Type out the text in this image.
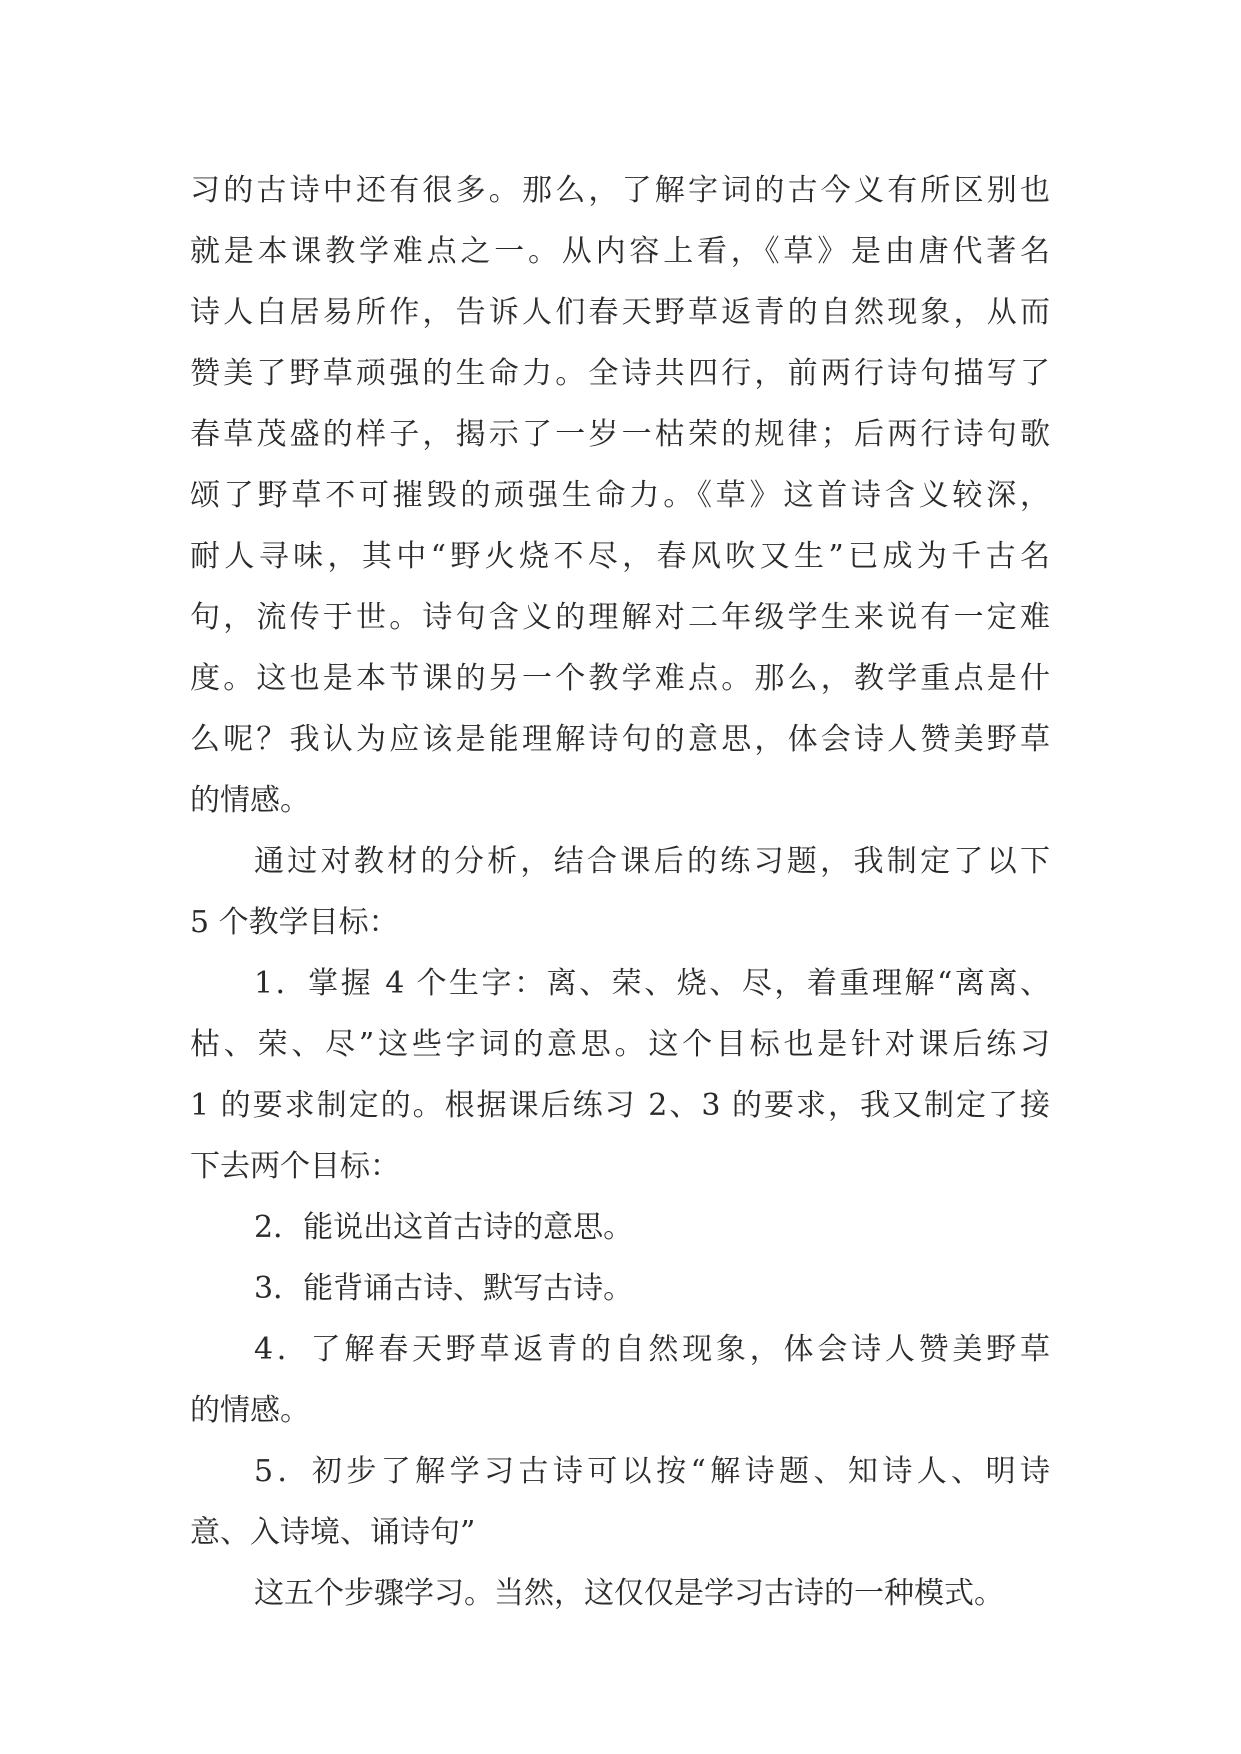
习的古诗中还有很多。那么，了解字词的古今义有所区别也
就是本课教学难点之一。从内容上看，《草》是由唐代著名
诗人白居易所作，告诉人们春天野草返青的自然现象，从而
赞美了野草顽强的生命力。全诗共四行，前两行诗句描写了
春草茂盛的样子，揭示了一岁一枯荣的规律；后两行诗句歌
颂了野草不可摧毁的顽强生命力。《草》这首诗含义较深，
耐人寻味，其中“野火烧不尽，春风吹又生”已成为千古名
句，流传于世。诗句含义的理解对二年级学生来说有一定难
度。这也是本节课的另一个教学难点。那么，教学重点是什
么呢？我认为应该是能理解诗句的意思，体会诗人赞美野草
的情感。
通过对教材的分析，结合课后的练习题，我制定了以下
5 个教学目标：
1．掌握 4 个生字：离、荣、烧、尽，着重理解“离离、
枯、荣、尽”这些字词的意思。这个目标也是针对课后练习
1 的要求制定的。根据课后练习 2、3 的要求，我又制定了接
下去两个目标：
2．能说出这首古诗的意思。
3．能背诵古诗、默写古诗。
4．了解春天野草返青的自然现象，体会诗人赞美野草
的情感。
5．初步了解学习古诗可以按“解诗题、知诗人、明诗
意、入诗境、诵诗句”
这五个步骤学习。当然，这仅仅是学习古诗的一种模式。
